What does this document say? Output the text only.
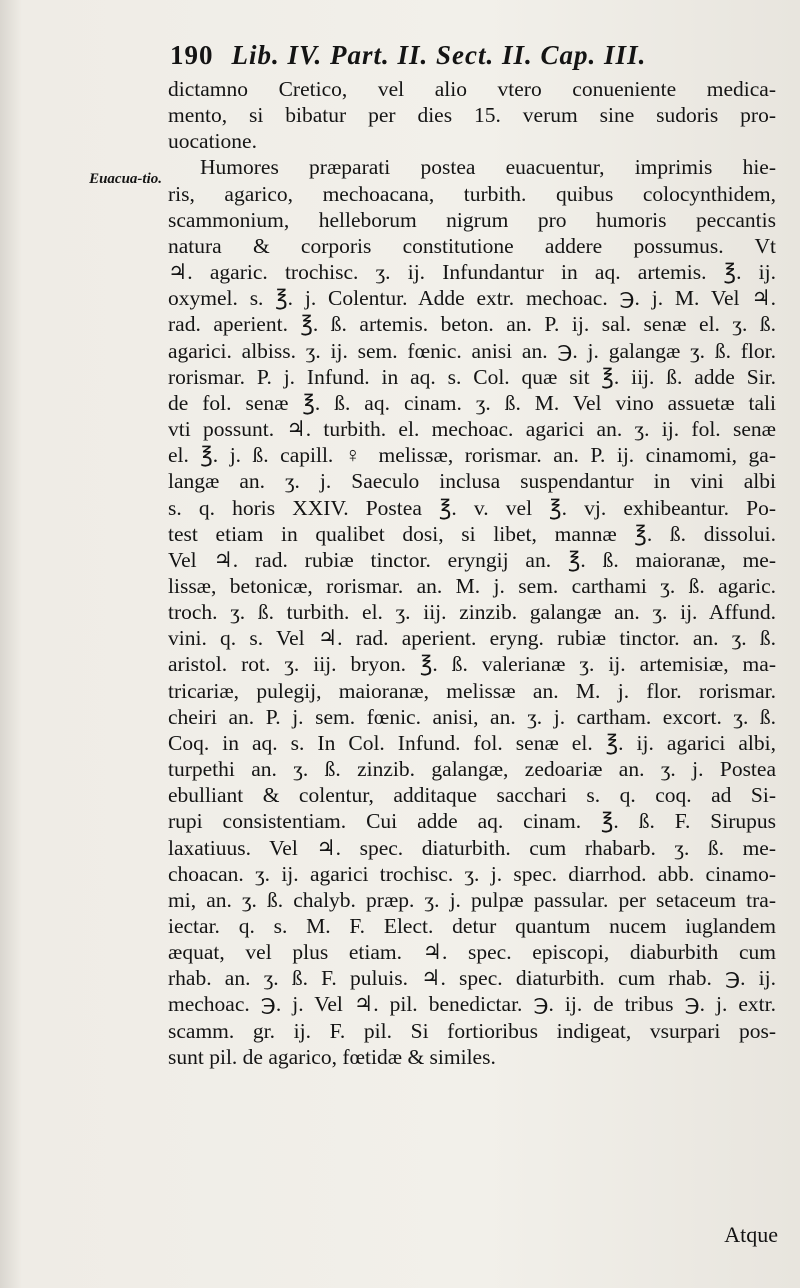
190 Lib. IV. Part. II. Sect. II. Cap. III.
Euacua-tio.

dictamno Cretico, vel alio vtero conueniente medica-
mento, si bibatur per dies 15. verum sine sudoris pro-
uocatione.
Humores præparati postea euacuentur, imprimis hie-
ris, agarico, mechoacana, turbith. quibus colocynthidem,
scammonium, helleborum nigrum pro humoris peccantis
natura & corporis constitutione addere possumus. Vt
♃. agaric. trochisc. ʒ. ij. Infundantur in aq. artemis. ℥. ij.
oxymel. s. ℥. j. Colentur. Adde extr. mechoac. ℈. j. M. Vel ♃.
rad. aperient. ℥. ß. artemis. beton. an. P. ij. sal. senæ el. ʒ. ß.
agarici. albiss. ʒ. ij. sem. fœnic. anisi an. ℈. j. galangæ ʒ. ß. flor.
rorismar. P. j. Infund. in aq. s. Col. quæ sit ℥. iij. ß. adde Sir.
de fol. senæ ℥. ß. aq. cinam. ʒ. ß. M. Vel vino assuetæ tali
vti possunt. ♃. turbith. el. mechoac. agarici an. ʒ. ij. fol. senæ
el. ℥. j. ß. capill. ♀ melissæ, rorismar. an. P. ij. cinamomi, ga-
langæ an. ʒ. j. Saeculo inclusa suspendantur in vini albi
s. q. horis XXIV. Postea ℥. v. vel ℥. vj. exhibeantur. Po-
test etiam in qualibet dosi, si libet, mannæ ℥. ß. dissolui.
Vel ♃. rad. rubiæ tinctor. eryngij an. ℥. ß. maioranæ, me-
lissæ, betonicæ, rorismar. an. M. j. sem. carthami ʒ. ß. agaric.
troch. ʒ. ß. turbith. el. ʒ. iij. zinzib. galangæ an. ʒ. ij. Affund.
vini. q. s. Vel ♃. rad. aperient. eryng. rubiæ tinctor. an. ʒ. ß.
aristol. rot. ʒ. iij. bryon. ℥. ß. valerianæ ʒ. ij. artemisiæ, ma-
tricariæ, pulegij, maioranæ, melissæ an. M. j. flor. rorismar.
cheiri an. P. j. sem. fœnic. anisi, an. ʒ. j. cartham. excort. ʒ. ß.
Coq. in aq. s. In Col. Infund. fol. senæ el. ℥. ij. agarici albi,
turpethi an. ʒ. ß. zinzib. galangæ, zedoariæ an. ʒ. j. Postea
ebulliant & colentur, additaque sacchari s. q. coq. ad Si-
rupi consistentiam. Cui adde aq. cinam. ℥. ß. F. Sirupus
laxatiuus. Vel ♃. spec. diaturbith. cum rhabarb. ʒ. ß. me-
choacan. ʒ. ij. agarici trochisc. ʒ. j. spec. diarrhod. abb. cinamo-
mi, an. ʒ. ß. chalyb. præp. ʒ. j. pulpæ passular. per setaceum tra-
iectar. q. s. M. F. Elect. detur quantum nucem iuglandem
æquat, vel plus etiam. ♃. spec. episcopi, diaburbith cum
rhab. an. ʒ. ß. F. puluis. ♃. spec. diaturbith. cum rhab. ℈. ij.
mechoac. ℈. j. Vel ♃. pil. benedictar. ℈. ij. de tribus ℈. j. extr.
scamm. gr. ij. F. pil. Si fortioribus indigeat, vsurpari pos-
sunt pil. de agarico, fœtidæ & similes.

Atque
